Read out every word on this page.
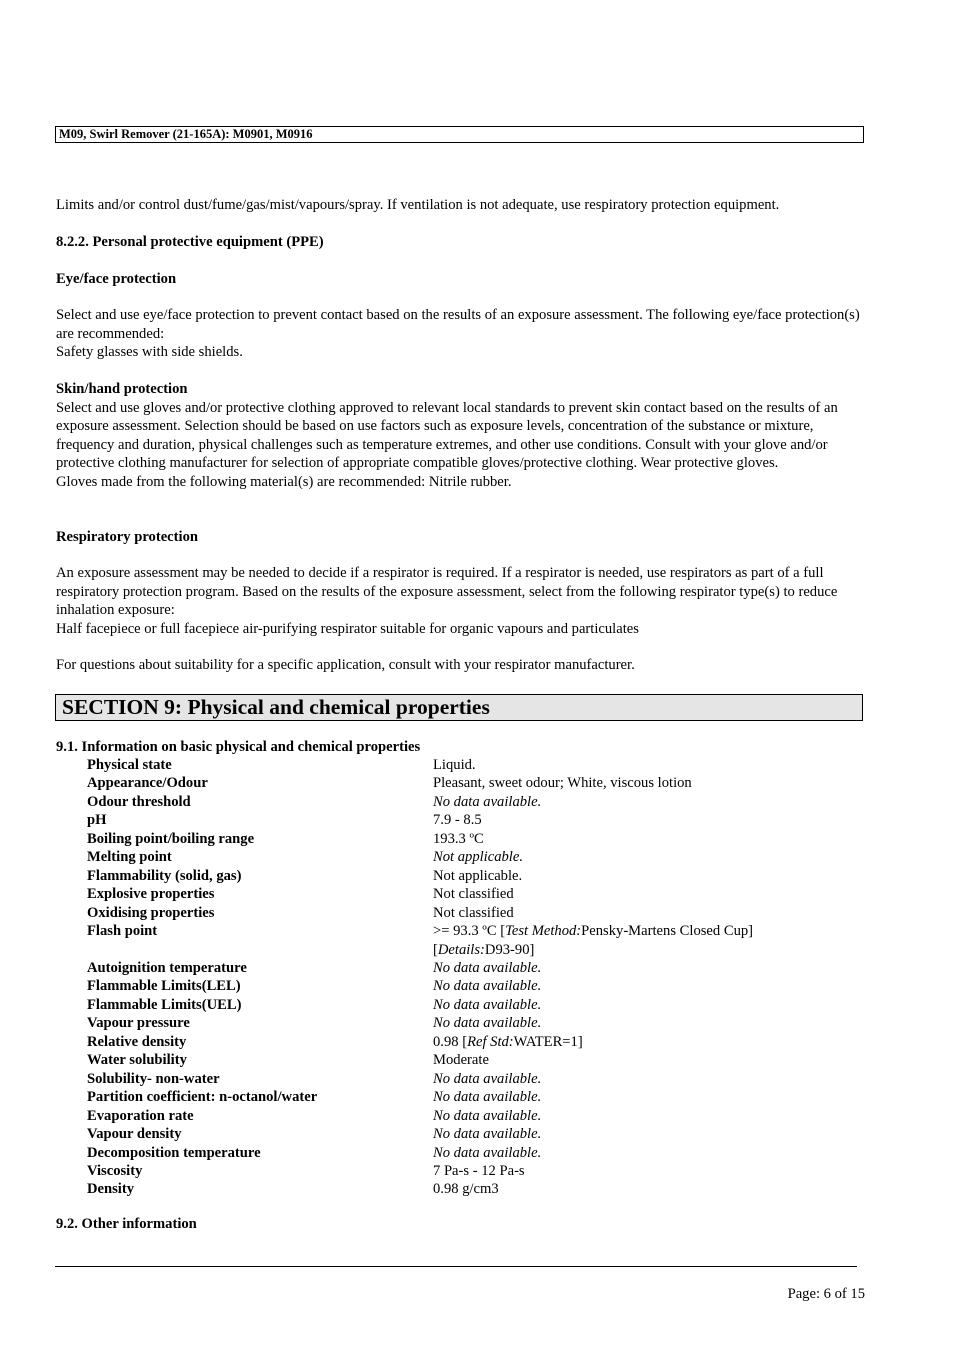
M09, Swirl Remover (21-165A): M0901, M0916
Limits and/or control dust/fume/gas/mist/vapours/spray. If ventilation is not adequate, use respiratory protection equipment.
8.2.2. Personal protective equipment (PPE)
Eye/face protection

Select and use eye/face protection to prevent contact based on the results of an exposure assessment. The following eye/face protection(s) are recommended:

Safety glasses with side shields.

Skin/hand protection

Select and use gloves and/or protective clothing approved to relevant local standards to prevent skin contact based on the results of an exposure assessment. Selection should be based on use factors such as exposure levels, concentration of the substance or mixture, frequency and duration, physical challenges such as temperature extremes, and other use conditions. Consult with your glove and/or protective clothing manufacturer for selection of appropriate compatible gloves/protective clothing. Wear protective gloves.

Gloves made from the following material(s) are recommended: Nitrile rubber.

Respiratory protection

An exposure assessment may be needed to decide if a respirator is required. If a respirator is needed, use respirators as part of a full respiratory protection program. Based on the results of the exposure assessment, select from the following respirator type(s) to reduce inhalation exposure:

Half facepiece or full facepiece air-purifying respirator suitable for organic vapours and particulates

For questions about suitability for a specific application, consult with your respirator manufacturer.
SECTION 9: Physical and chemical properties
9.1. Information on basic physical and chemical properties
Physical state	Liquid.
Appearance/Odour	Pleasant, sweet odour; White, viscous lotion
Odour threshold	No data available.
pH	7.9 - 8.5
Boiling point/boiling range	193.3 ºC
Melting point	Not applicable.
Flammability (solid, gas)	Not applicable.
Explosive properties	Not classified
Oxidising properties	Not classified
Flash point	>= 93.3 ºC [Test Method:Pensky-Martens Closed Cup]
[Details:D93-90]
Autoignition temperature	No data available.
Flammable Limits(LEL)	No data available.
Flammable Limits(UEL)	No data available.
Vapour pressure	No data available.
Relative density	0.98 [Ref Std:WATER=1]
Water solubility	Moderate
Solubility- non-water	No data available.
Partition coefficient: n-octanol/water	No data available.
Evaporation rate	No data available.
Vapour density	No data available.
Decomposition temperature	No data available.
Viscosity	7 Pa-s - 12 Pa-s
Density	0.98 g/cm3
9.2. Other information
Page: 6 of 15
